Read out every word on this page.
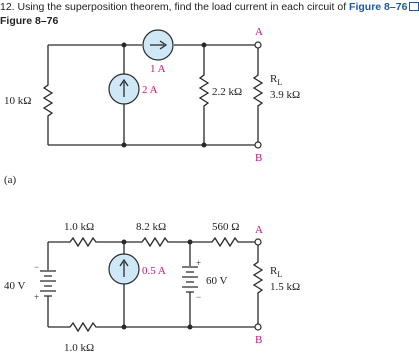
12. Using the superposition theorem, find the load current in each circuit of Figure 8–76
Figure 8–76
10 kΩ
1 A
2 A	2.2 kΩ
A
B
$R_L$
3.9 kΩ
(a)
1.0 kΩ	8.2 kΩ	560 Ω
1.0 kΩ
40 V
−
+
0.5 A
60 V
+
−
A
B
$R_L$
1.5 kΩ
